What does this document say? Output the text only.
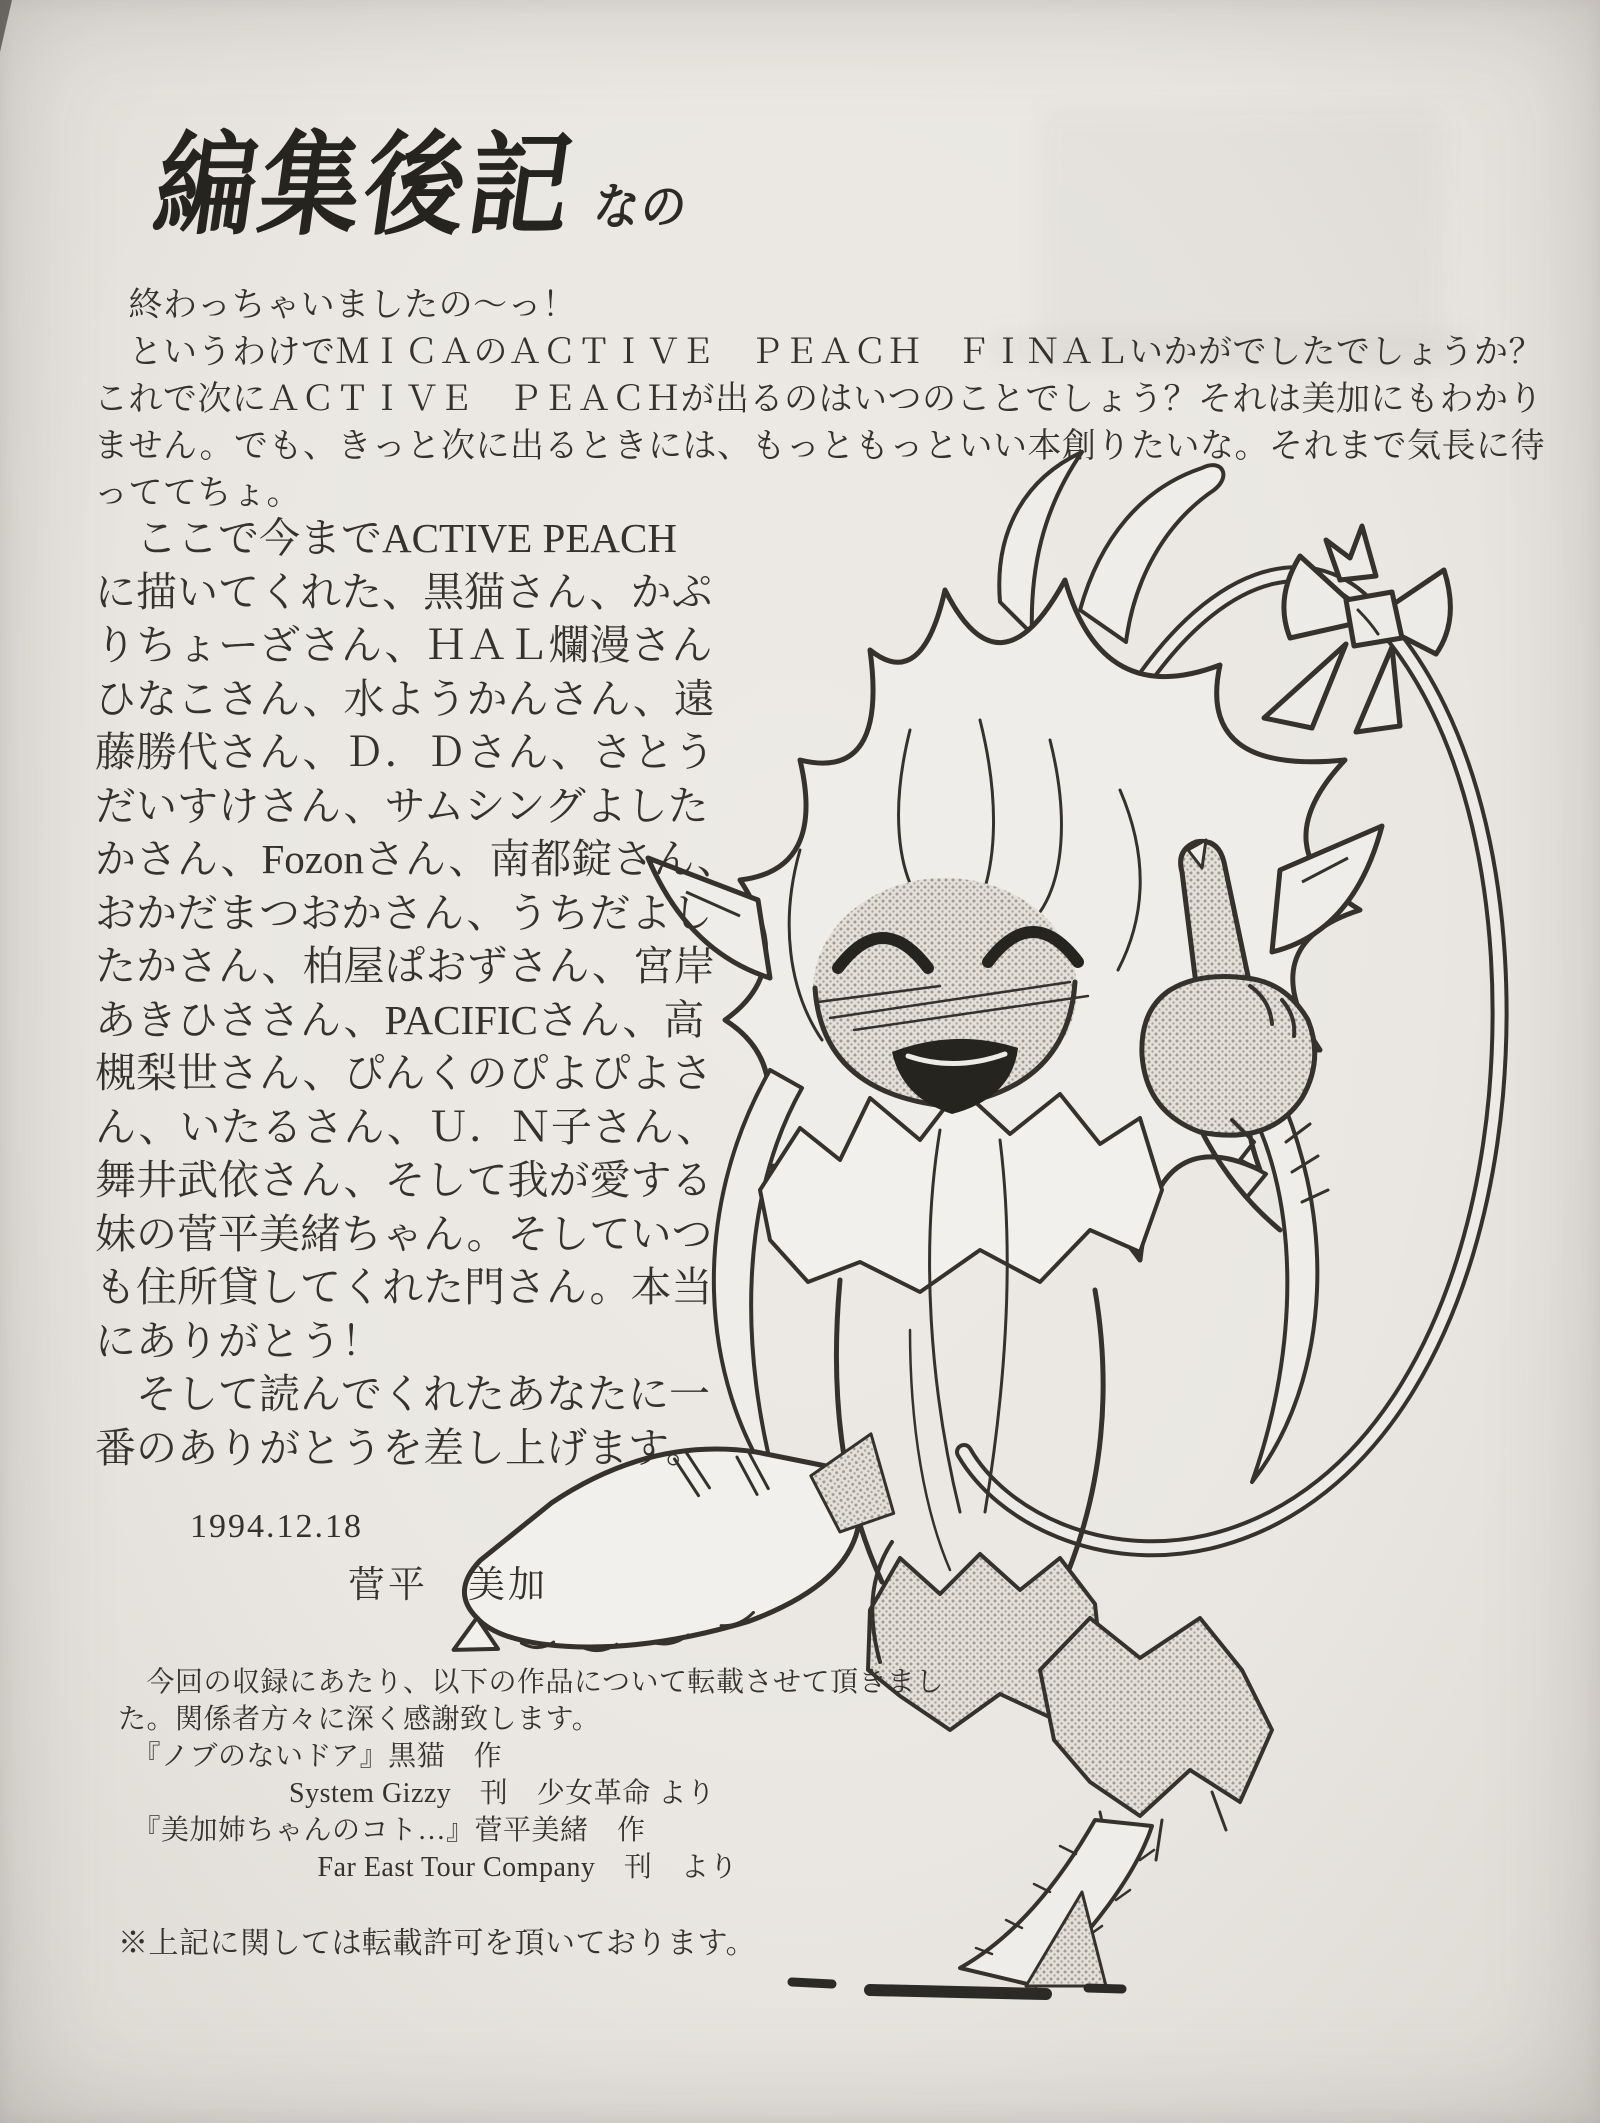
編集後記 なの
　終わっちゃいましたの～っ！
　というわけでＭＩＣＡのＡＣＴＩＶＥ　ＰＥＡＣＨ　ＦＩＮＡＬいかがでしたでしょうか？
これで次にＡＣＴＩＶＥ　ＰＥＡＣＨが出るのはいつのことでしょう？それは美加にもわかり
ません。でも、きっと次に出るときには、もっともっといい本創りたいな。それまで気長に待
っててちょ。
　ここで今までACTIVE PEACH
に描いてくれた、黒猫さん、かぷ
りちょーざさん、ＨＡＬ爛漫さん
ひなこさん、水ようかんさん、遠
藤勝代さん、Ｄ．Ｄさん、さとう
だいすけさん、サムシングよした
かさん、Fozonさん、南都錠さん、
おかだまつおかさん、うちだよし
たかさん、柏屋ぱおずさん、宮岸
あきひささん、PACIFICさん、高
槻梨世さん、ぴんくのぴよぴよさ
ん、いたるさん、Ｕ．Ｎ子さん、
舞井武依さん、そして我が愛する
妹の菅平美緒ちゃん。そしていつ
も住所貸してくれた門さん。本当
にありがとう！
　そして読んでくれたあなたに一
番のありがとうを差し上げます。
1994.12.18
菅平　美加
　今回の収録にあたり、以下の作品について転載させて頂きまし
た。関係者方々に深く感謝致します。
　『ノブのないドア』黒猫　作
　　　　　　System Gizzy　刊　少女革命 より
　『美加姉ちゃんのコト…』菅平美緒　作
　　　　　　　Far East Tour Company　刊　より
※上記に関しては転載許可を頂いております。
